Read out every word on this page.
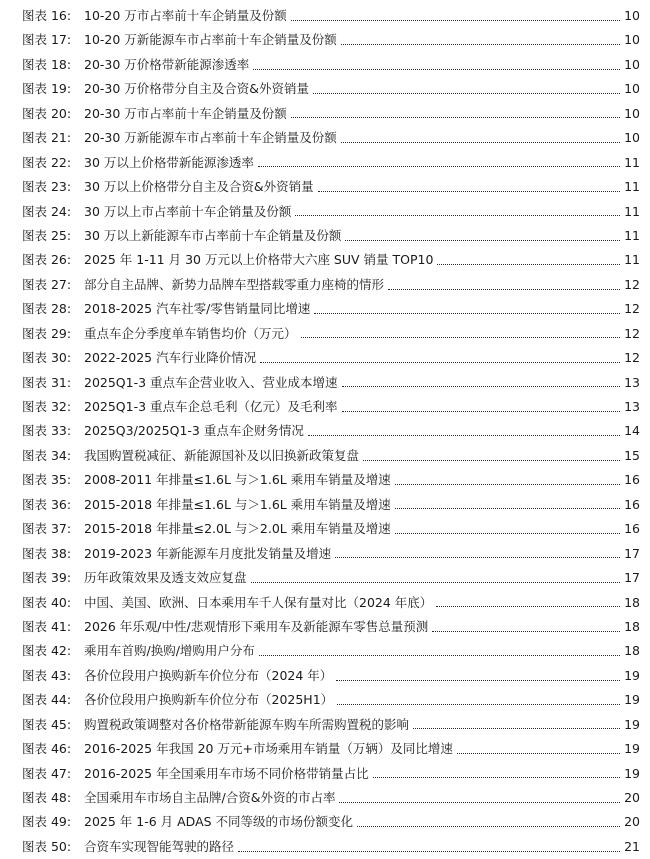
图表 16:	10-20 万市占率前十车企销量及份额	10
图表 17:	10-20 万新能源车市占率前十车企销量及份额	10
图表 18:	20-30 万价格带新能源渗透率	10
图表 19:	20-30 万价格带分自主及合资&外资销量	10
图表 20:	20-30 万市占率前十车企销量及份额	10
图表 21:	20-30 万新能源车市占率前十车企销量及份额	10
图表 22:	30 万以上价格带新能源渗透率	11
图表 23:	30 万以上价格带分自主及合资&外资销量	11
图表 24:	30 万以上市占率前十车企销量及份额	11
图表 25:	30 万以上新能源车市占率前十车企销量及份额	11
图表 26:	2025 年 1-11 月 30 万元以上价格带大六座 SUV 销量 TOP10	11
图表 27:	部分自主品牌、新势力品牌车型搭载零重力座椅的情形	12
图表 28:	2018-2025 汽车社零/零售销量同比增速	12
图表 29:	重点车企分季度单车销售均价（万元）	12
图表 30:	2022-2025 汽车行业降价情况	12
图表 31:	2025Q1-3 重点车企营业收入、营业成本增速	13
图表 32:	2025Q1-3 重点车企总毛利（亿元）及毛利率	13
图表 33:	2025Q3/2025Q1-3 重点车企财务情况	14
图表 34:	我国购置税减征、新能源国补及以旧换新政策复盘	15
图表 35:	2008-2011 年排量≤1.6L 与＞1.6L 乘用车销量及增速	16
图表 36:	2015-2018 年排量≤1.6L 与＞1.6L 乘用车销量及增速	16
图表 37:	2015-2018 年排量≤2.0L 与＞2.0L 乘用车销量及增速	16
图表 38:	2019-2023 年新能源车月度批发销量及增速	17
图表 39:	历年政策效果及透支效应复盘	17
图表 40:	中国、美国、欧洲、日本乘用车千人保有量对比（2024 年底）	18
图表 41:	2026 年乐观/中性/悲观情形下乘用车及新能源车零售总量预测	18
图表 42:	乘用车首购/换购/增购用户分布	18
图表 43:	各价位段用户换购新车价位分布（2024 年）	19
图表 44:	各价位段用户换购新车价位分布（2025H1）	19
图表 45:	购置税政策调整对各价格带新能源车购车所需购置税的影响	19
图表 46:	2016-2025 年我国 20 万元+市场乘用车销量（万辆）及同比增速	19
图表 47:	2016-2025 年全国乘用车市场不同价格带销量占比	19
图表 48:	全国乘用车市场自主品牌/合资&外资的市占率	20
图表 49:	2025 年 1-6 月 ADAS 不同等级的市场份额变化	20
图表 50:	合资车实现智能驾驶的路径	21
